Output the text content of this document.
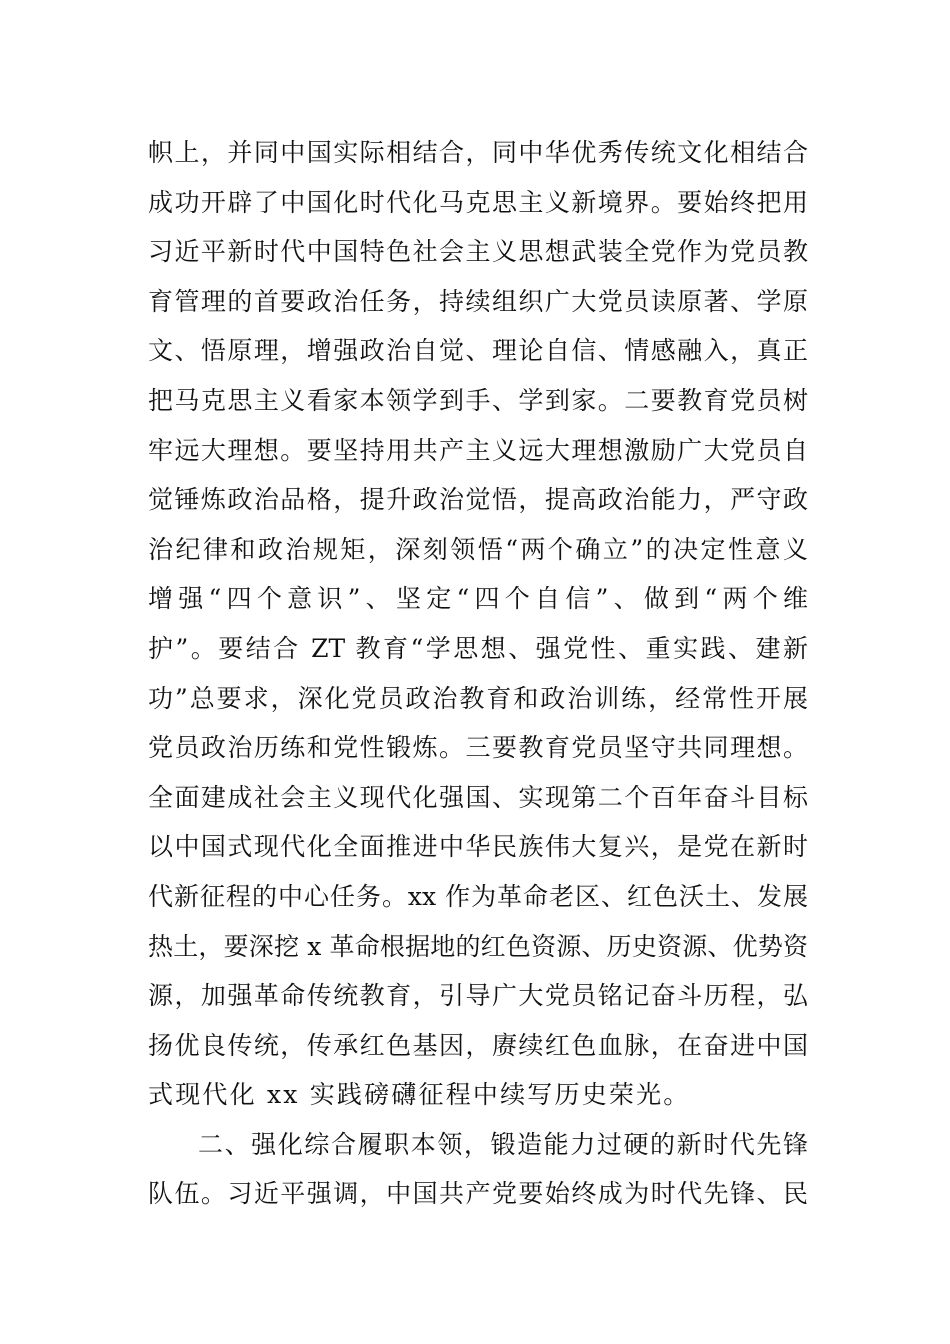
帜上，并同中国实际相结合，同中华优秀传统文化相结合
成功开辟了中国化时代化马克思主义新境界。要始终把用
习近平新时代中国特色社会主义思想武装全党作为党员教
育管理的首要政治任务，持续组织广大党员读原著、学原
文、悟原理，增强政治自觉、理论自信、情感融入，真正
把马克思主义看家本领学到手、学到家。二要教育党员树
牢远大理想。要坚持用共产主义远大理想激励广大党员自
觉锤炼政治品格，提升政治觉悟，提高政治能力，严守政
治纪律和政治规矩，深刻领悟“两个确立”的决定性意义
增强“四个意识”、坚定“四个自信”、做到“两个维
护”。要结合 ZT 教育“学思想、强党性、重实践、建新
功”总要求，深化党员政治教育和政治训练，经常性开展
党员政治历练和党性锻炼。三要教育党员坚守共同理想。
全面建成社会主义现代化强国、实现第二个百年奋斗目标
以中国式现代化全面推进中华民族伟大复兴，是党在新时
代新征程的中心任务。xx 作为革命老区、红色沃土、发展
热土，要深挖 x 革命根据地的红色资源、历史资源、优势资
源，加强革命传统教育，引导广大党员铭记奋斗历程，弘
扬优良传统，传承红色基因，赓续红色血脉，在奋进中国
式现代化 xx 实践磅礴征程中续写历史荣光。
二、强化综合履职本领，锻造能力过硬的新时代先锋
队伍。习近平强调，中国共产党要始终成为时代先锋、民
